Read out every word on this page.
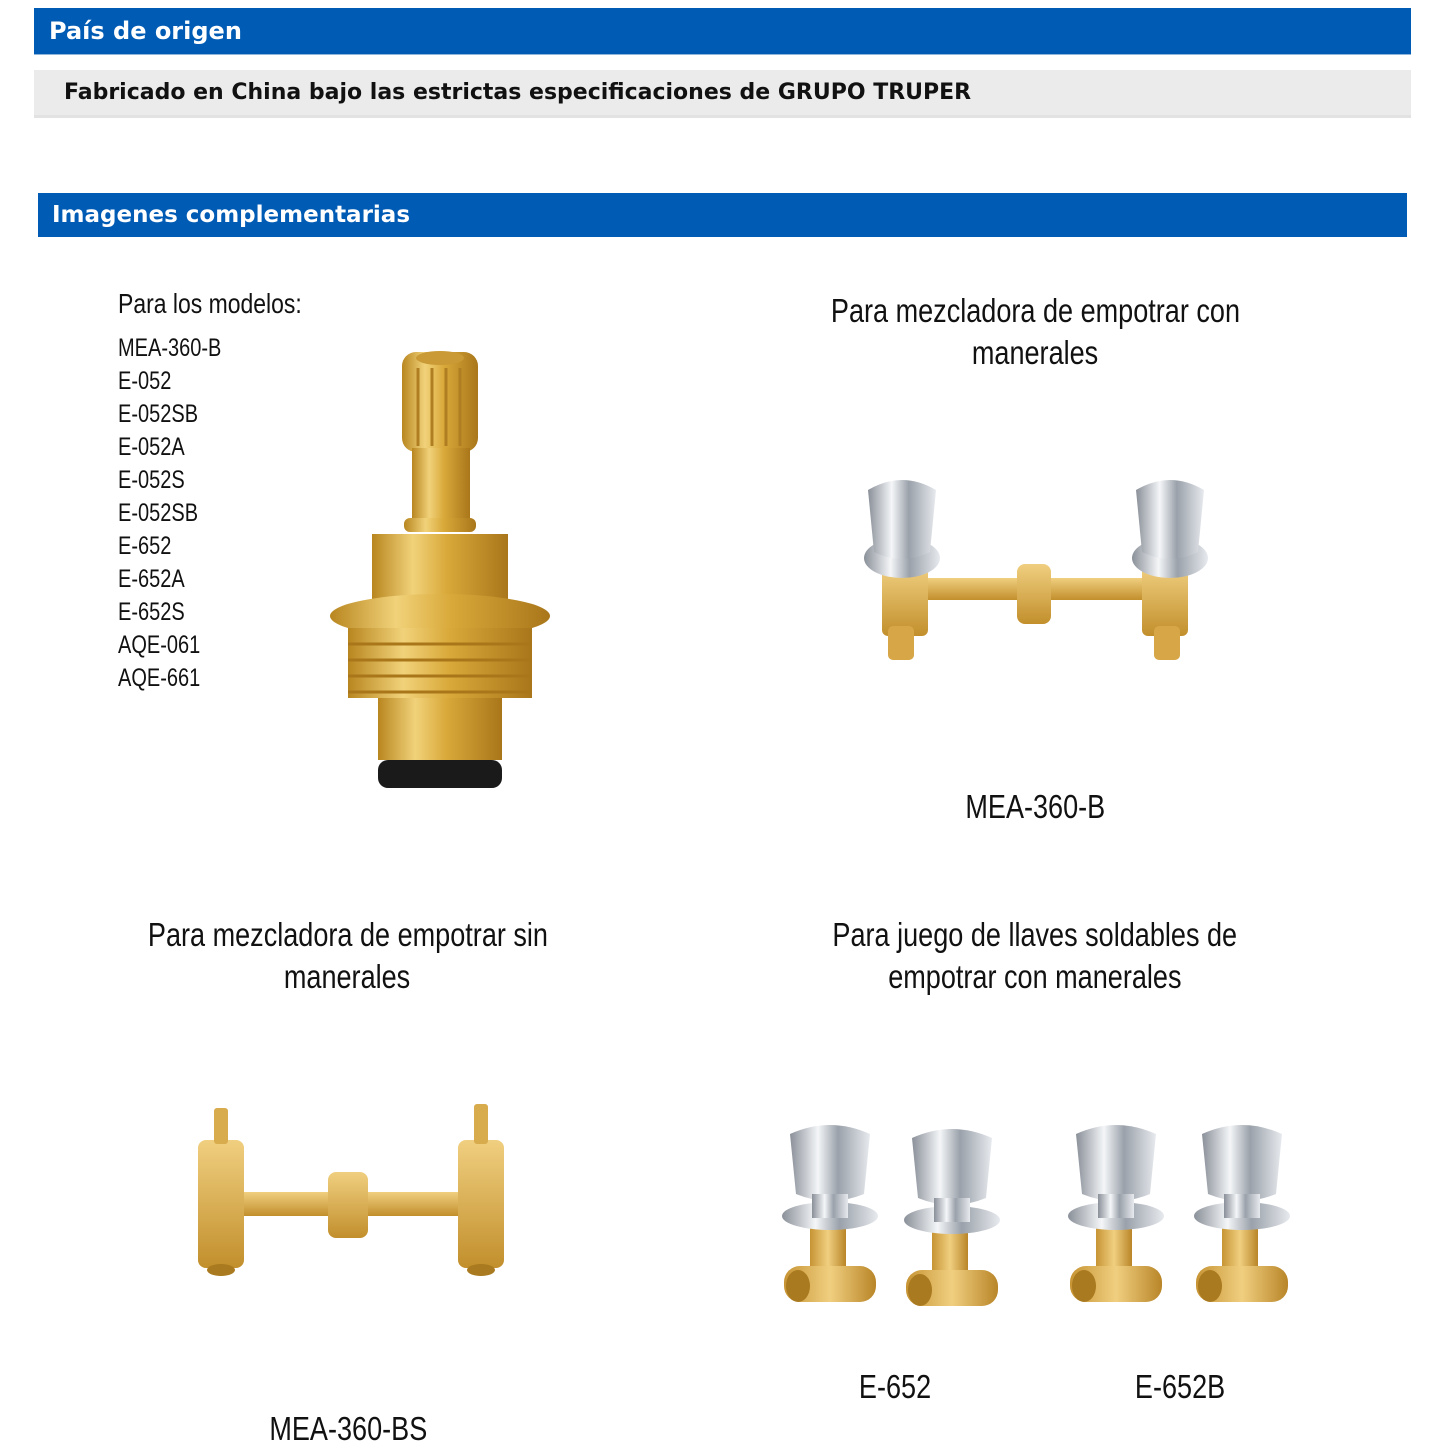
País de origen
Fabricado en China bajo las estrictas especificaciones de GRUPO TRUPER
Imagenes complementarias
Para los modelos:
MEA-360-B
E-052
E-052SB
E-052A
E-052S
E-052SB
E-652
E-652A
E-652S
AQE-061
AQE-661
Para mezcladora de empotrar con
manerales
MEA-360-B
Para mezcladora de empotrar sin
manerales
MEA-360-BS
Para juego de llaves soldables de
empotrar con manerales
E-652	E-652B
